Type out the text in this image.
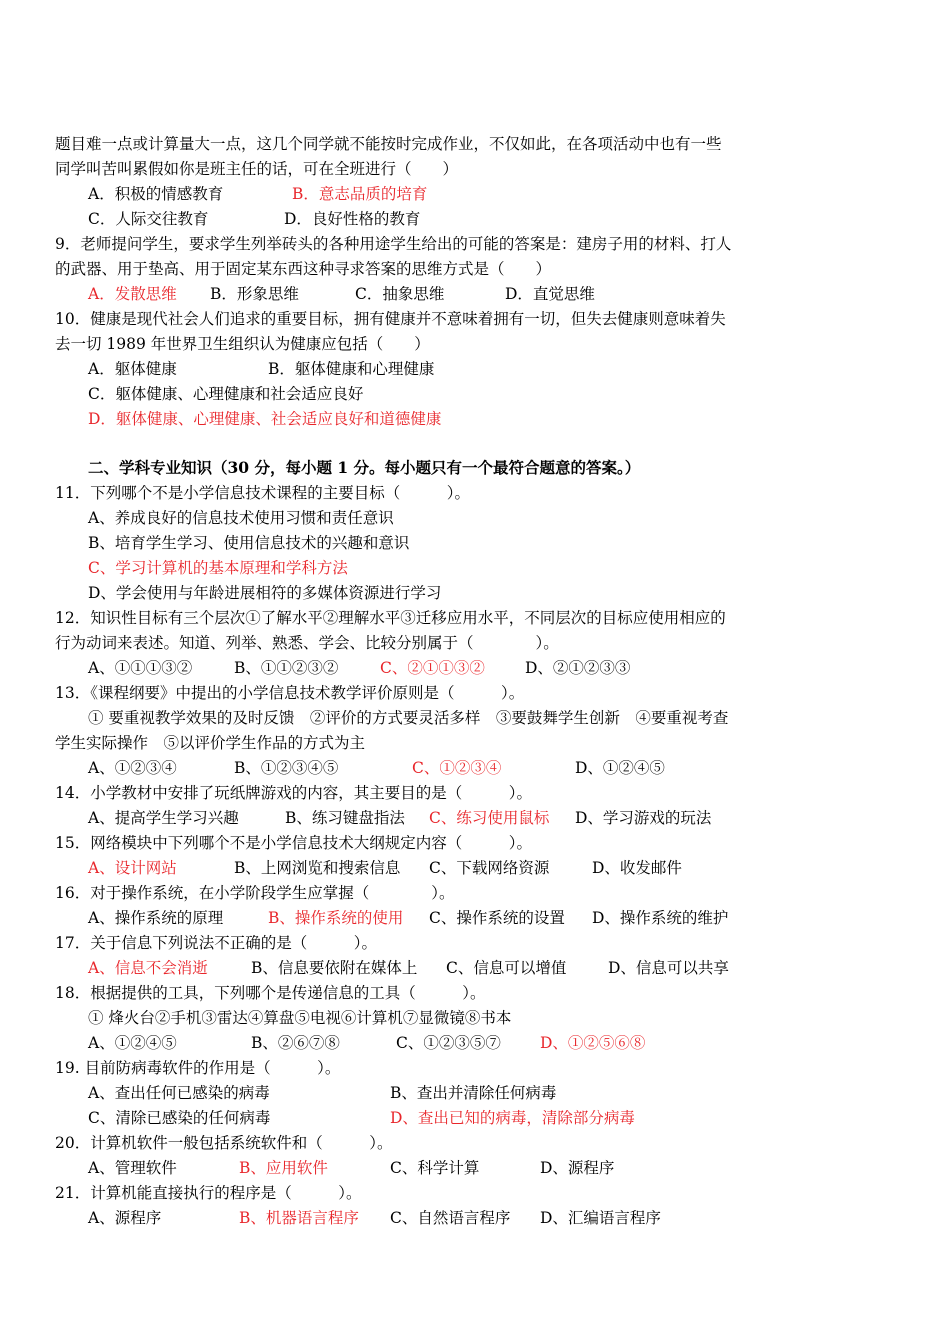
题目难一点或计算量大一点，这几个同学就不能按时完成作业，不仅如此，在各项活动中也有一些
同学叫苦叫累假如你是班主任的话，可在全班进行（　　）
A．积极的情感教育	B．意志品质的培育
C．人际交往教育	D．良好性格的教育
9．老师提问学生，要求学生列举砖头的各种用途学生给出的可能的答案是：建房子用的材料、打人
的武器、用于垫高、用于固定某东西这种寻求答案的思维方式是（　　）
A．发散思维 B．形象思维	C．抽象思维	D．直觉思维
10．健康是现代社会人们追求的重要目标，拥有健康并不意味着拥有一切，但失去健康则意味着失
去一切 1989 年世界卫生组织认为健康应包括（　　）
A．躯体健康	B．躯体健康和心理健康
C．躯体健康、心理健康和社会适应良好
D．躯体健康、心理健康、社会适应良好和道德健康
二、学科专业知识（30 分，每小题 1 分。每小题只有一个最符合题意的答案。）
11．下列哪个不是小学信息技术课程的主要目标（　　　）。
A、养成良好的信息技术使用习惯和责任意识
B、培育学生学习、使用信息技术的兴趣和意识
C、学习计算机的基本原理和学科方法
D、学会使用与年龄进展相符的多媒体资源进行学习
12．知识性目标有三个层次①了解水平②理解水平③迁移应用水平，不同层次的目标应使用相应的
行为动词来表述。知道、列举、熟悉、学会、比较分别属于（　　　　）。
A、①①①③②	B、①①②③②	C、②①①③②	D、②①②③③
13．《课程纲要》中提出的小学信息技术教学评价原则是（　　　）。
① 要重视教学效果的及时反馈　②评价的方式要灵活多样　③要鼓舞学生创新　④要重视考查
学生实际操作　⑤以评价学生作品的方式为主
A、①②③④	B、①②③④⑤	C、①②③④	D、①②④⑤
14．小学教材中安排了玩纸牌游戏的内容，其主要目的是（　　　）。
A、提高学生学习兴趣	B、练习键盘指法 C、练习使用鼠标 D、学习游戏的玩法
15．网络模块中下列哪个不是小学信息技术大纲规定内容（　　　）。
A、设计网站	B、上网浏览和搜索信息 C、下载网络资源	D、收发邮件
16．对于操作系统，在小学阶段学生应掌握（　　　　）。
A、操作系统的原理	B、操作系统的使用 C、操作系统的设置 D、操作系统的维护
17．关于信息下列说法不正确的是（　　　）。
A、信息不会消逝	B、信息要依附在媒体上 C、信息可以增值	D、信息可以共享
18．根据提供的工具，下列哪个是传递信息的工具（　　　）。
① 烽火台②手机③雷达④算盘⑤电视⑥计算机⑦显微镜⑧书本
A、①②④⑤	B、②⑥⑦⑧	C、①②③⑤⑦	D、①②⑤⑥⑧
19. 目前防病毒软件的作用是（　　　）。
A、查出任何已感染的病毒	B、查出并清除任何病毒
C、清除已感染的任何病毒	D、查出已知的病毒，清除部分病毒
20．计算机软件一般包括系统软件和（　　　）。
A、管理软件	B、应用软件	C、科学计算	D、源程序
21．计算机能直接执行的程序是（　　　）。
A、源程序	B、机器语言程序 C、自然语言程序 D、汇编语言程序
